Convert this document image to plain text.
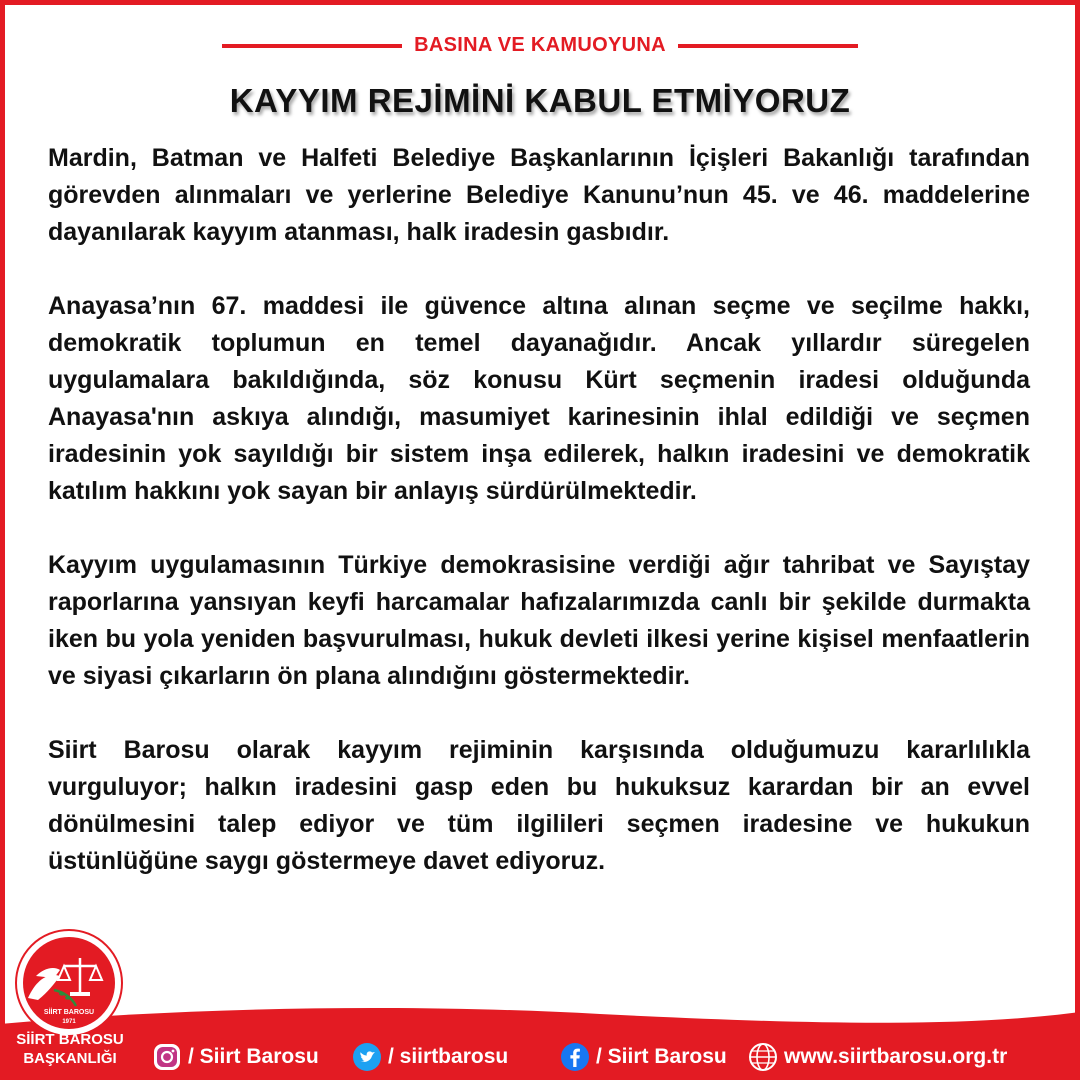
BASINA VE KAMUOYUNA
KAYYIM REJİMİNİ KABUL ETMİYORUZ

Mardin, Batman ve Halfeti Belediye Başkanlarının İçişleri Bakanlığı tarafından görevden alınmaları ve yerlerine Belediye Kanunu’nun 45. ve 46. maddelerine dayanılarak kayyım atanması, halk iradesin gasbıdır.

Anayasa’nın 67. maddesi ile güvence altına alınan seçme ve seçilme hakkı, demokratik toplumun en temel dayanağıdır. Ancak yıllardır süregelen uygulamalara bakıldığında, söz konusu Kürt seçmenin iradesi olduğunda Anayasa'nın askıya alındığı, masumiyet karinesinin ihlal edildiği ve seçmen iradesinin yok sayıldığı bir sistem inşa edilerek, halkın iradesini ve demokratik katılım hakkını yok sayan bir anlayış sürdürülmektedir.

Kayyım uygulamasının Türkiye demokrasisine verdiği ağır tahribat ve Sayıştay raporlarına yansıyan keyfi harcamalar hafızalarımızda canlı bir şekilde durmakta iken bu yola yeniden başvurulması, hukuk devleti ilkesi yerine kişisel menfaatlerin ve siyasi çıkarların ön plana alındığını göstermektedir.

Siirt Barosu olarak kayyım rejiminin karşısında olduğumuzu kararlılıkla vurguluyor; halkın iradesini gasp eden bu hukuksuz karardan bir an evvel dönülmesini talep ediyor ve tüm ilgilileri seçmen iradesine ve hukukun üstünlüğüne saygı göstermeye davet ediyoruz.

SİİRT BAROSU
1971
SİİRT BAROSU
BAŞKANLIĞI	/ Siirt Barosu	/ siirtbarosu	/ Siirt Barosu	www.siirtbarosu.org.tr
